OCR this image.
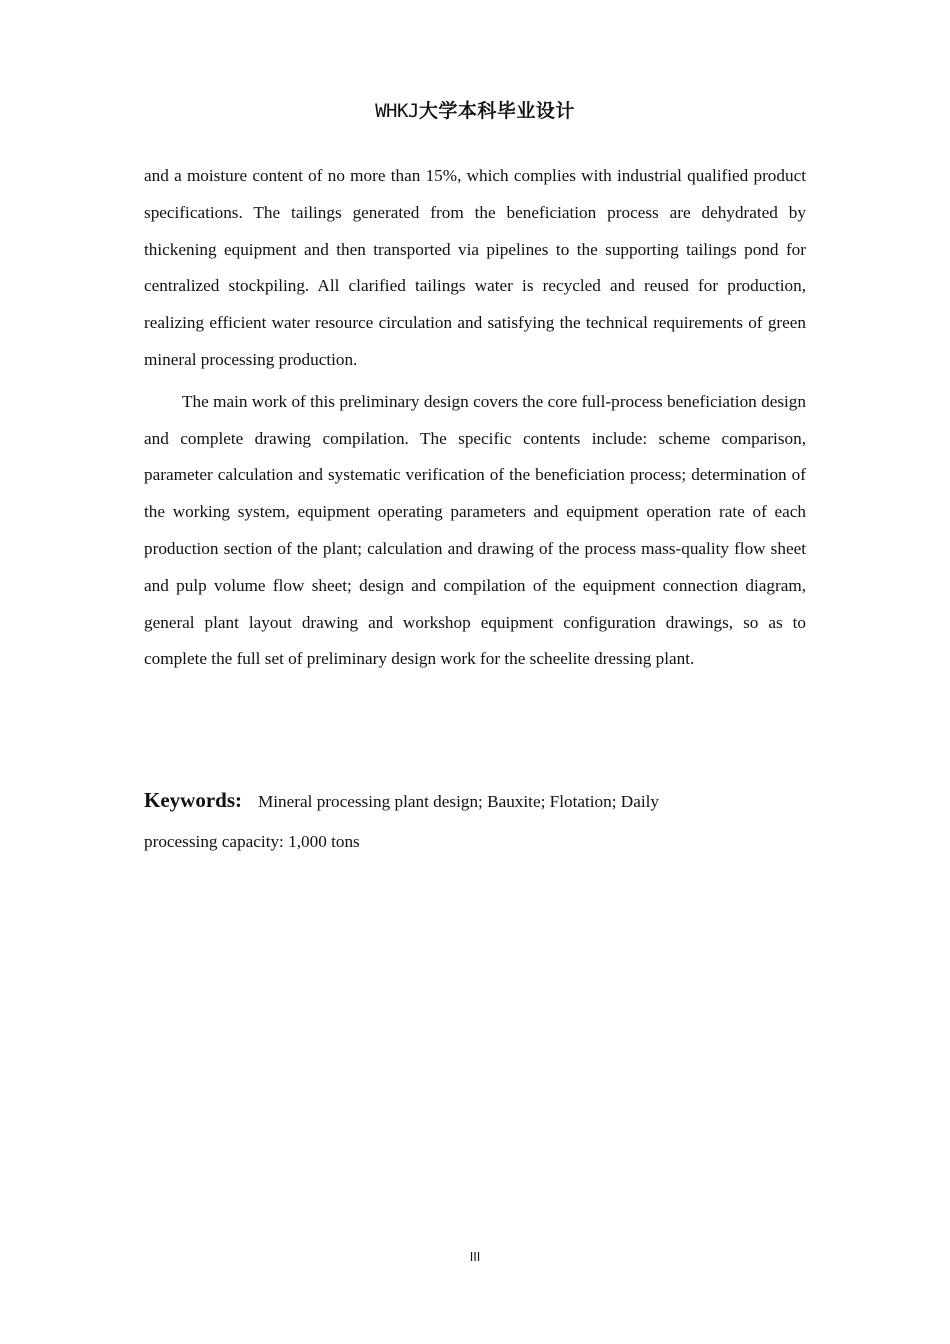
WHKJ大学本科毕业设计

and a moisture content of no more than 15%, which complies with industrial qualified product specifications. The tailings generated from the beneficiation process are dehydrated by thickening equipment and then transported via pipelines to the supporting tailings pond for centralized stockpiling. All clarified tailings water is recycled and reused for production, realizing efficient water resource circulation and satisfying the technical requirements of green mineral processing production.

The main work of this preliminary design covers the core full-process beneficiation design and complete drawing compilation. The specific contents include: scheme comparison, parameter calculation and systematic verification of the beneficiation process; determination of the working system, equipment operating parameters and equipment operation rate of each production section of the plant; calculation and drawing of the process mass-quality flow sheet and pulp volume flow sheet; design and compilation of the equipment connection diagram, general plant layout drawing and workshop equipment configuration drawings, so as to complete the full set of preliminary design work for the scheelite dressing plant.

Keywords: Mineral processing plant design; Bauxite; Flotation; Daily
processing capacity: 1,000 tons
III
